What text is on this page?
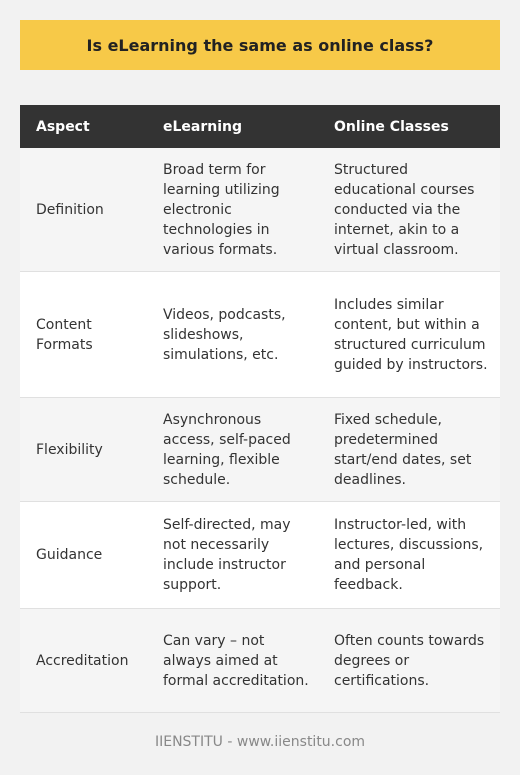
Is eLearning the same as online class?
Aspect	eLearning	Online Classes
Definition	Broad term for learning utilizing electronic technologies in various formats.	Structured educational courses conducted via the internet, akin to a virtual classroom.
Content Formats	Videos, podcasts, slideshows, simulations, etc.	Includes similar content, but within a structured curriculum guided by instructors.
Flexibility	Asynchronous access, self-paced learning, flexible schedule.	Fixed schedule, predetermined start/end dates, set deadlines.
Guidance	Self-directed, may not necessarily include instructor support.	Instructor-led, with lectures, discussions, and personal feedback.
Accreditation	Can vary – not always aimed at formal accreditation.	Often counts towards degrees or certifications.
IIENSTITU - www.iienstitu.com
